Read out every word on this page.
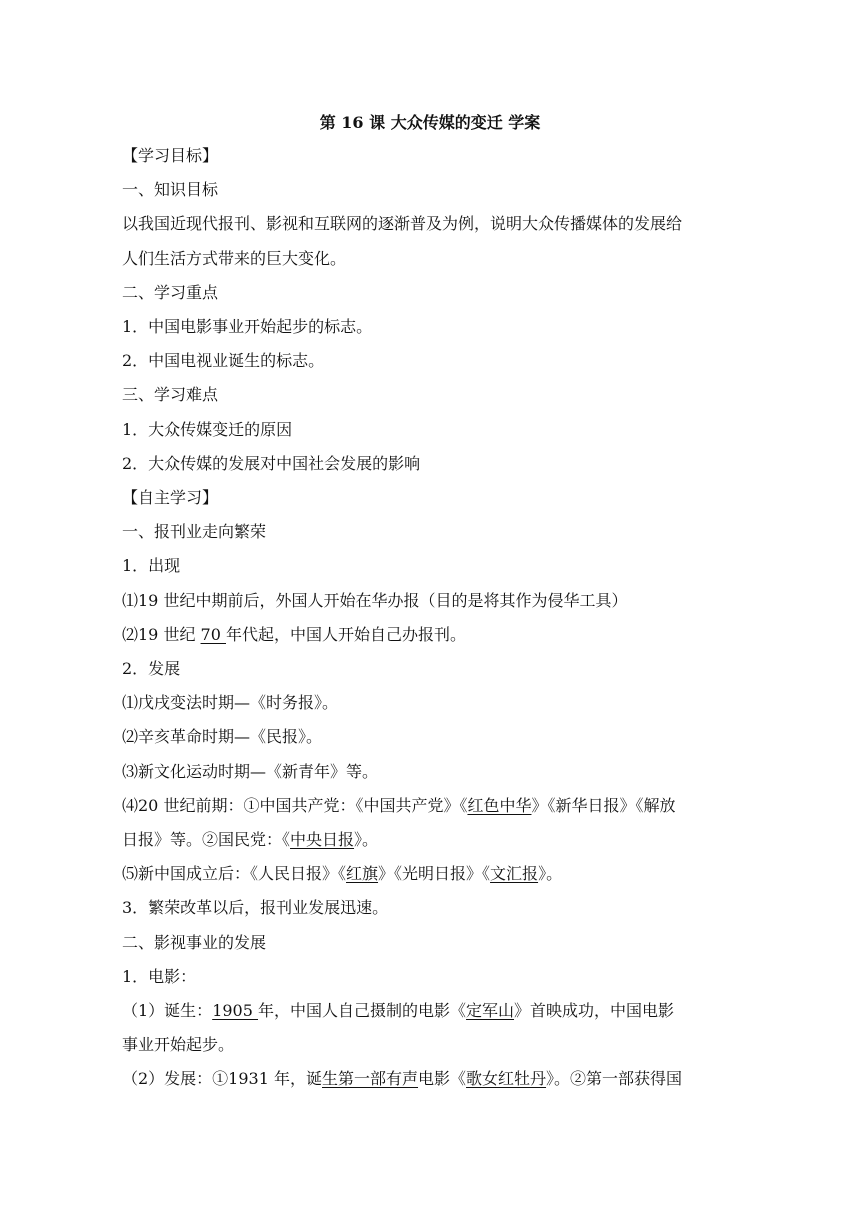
第 16 课 大众传媒的变迁 学案
【学习目标】
一、知识目标
以我国近现代报刊、影视和互联网的逐渐普及为例，说明大众传播媒体的发展给
人们生活方式带来的巨大变化。
二、学习重点
1．中国电影事业开始起步的标志。
2．中国电视业诞生的标志。
三、学习难点
1．大众传媒变迁的原因
2．大众传媒的发展对中国社会发展的影响
【自主学习】
一、报刊业走向繁荣
1．出现
⑴19 世纪中期前后，外国人开始在华办报（目的是将其作为侵华工具）
⑵19 世纪 70 年代起，中国人开始自己办报刊。
2．发展
⑴戊戌变法时期—《时务报》。
⑵辛亥革命时期—《民报》。
⑶新文化运动时期—《新青年》等。
⑷20 世纪前期：①中国共产党：《中国共产党》《红色中华》《新华日报》《解放
日报》等。②国民党：《中央日报》。
⑸新中国成立后：《人民日报》《红旗》《光明日报》《文汇报》。
3．繁荣改革以后，报刊业发展迅速。
二、影视事业的发展
1．电影：
（1）诞生：1905 年，中国人自己摄制的电影《定军山》首映成功，中国电影
事业开始起步。
（2）发展：①1931 年，诞生第一部有声电影《歌女红牡丹》。②第一部获得国
